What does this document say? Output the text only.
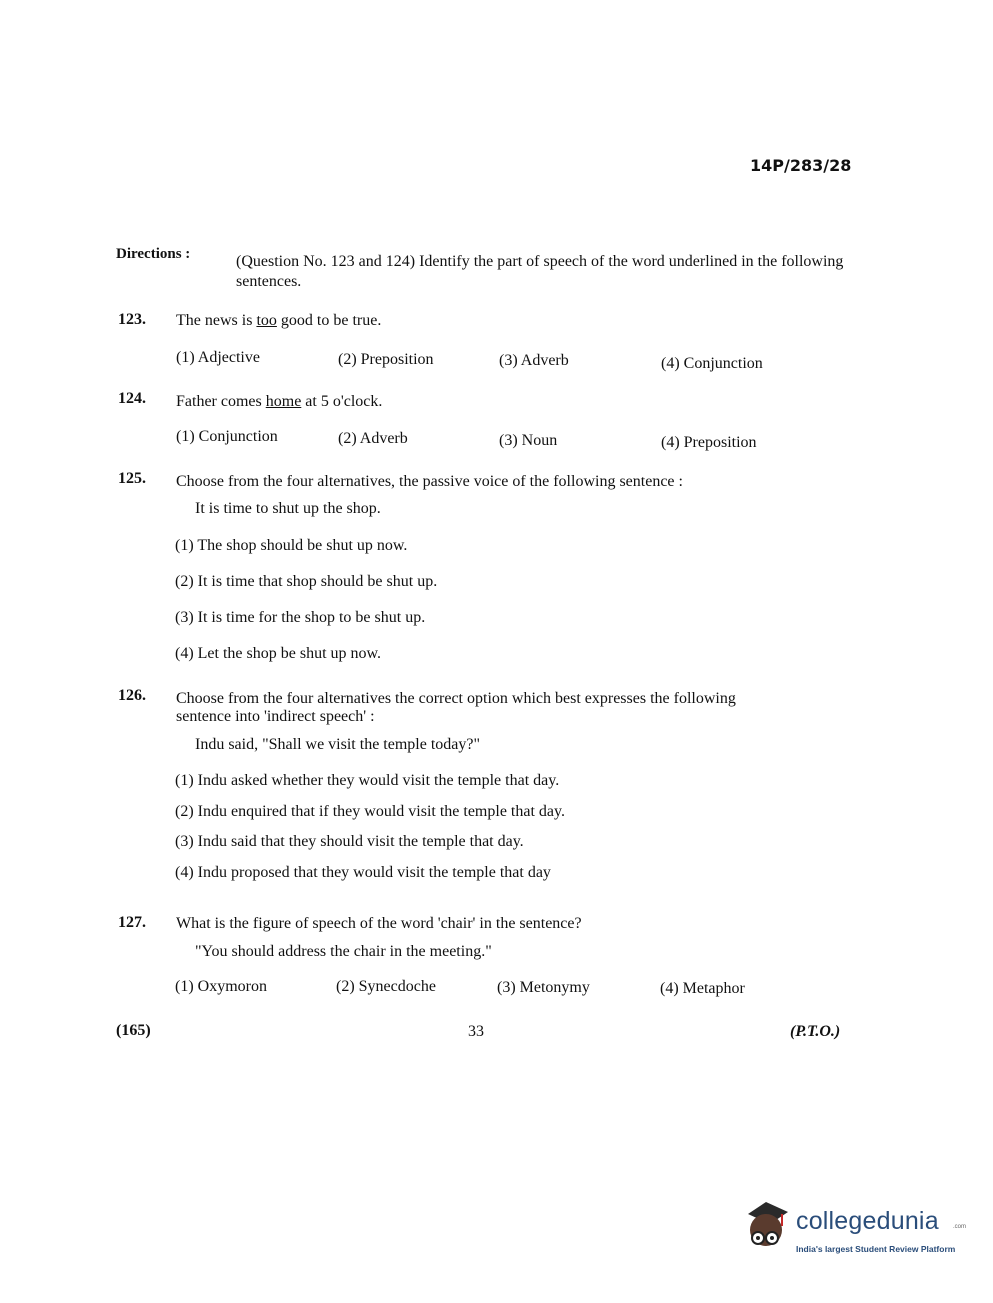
14P/283/28
Directions :	(Question No. 123 and 124) Identify the part of speech of the word underlined in the following sentences.
123. The news is too good to be true.
(1) Adjective	(2) Preposition	(3) Adverb	(4) Conjunction
124. Father comes home at 5 o'clock.
(1) Conjunction	(2) Adverb	(3) Noun	(4) Preposition
125. Choose from the four alternatives, the passive voice of the following sentence :
It is time to shut up the shop.
(1) The shop should be shut up now.
(2) It is time that shop should be shut up.
(3) It is time for the shop to be shut up.
(4) Let the shop be shut up now.
126. Choose from the four alternatives the correct option which best expresses the following
sentence into 'indirect speech' :
Indu said, "Shall we visit the temple today?"
(1) Indu asked whether they would visit the temple that day.
(2) Indu enquired that if they would visit the temple that day.
(3) Indu said that they should visit the temple that day.
(4) Indu proposed that they would visit the temple that day
127. What is the figure of speech of the word 'chair' in the sentence?
"You should address the chair in the meeting."
(1) Oxymoron	(2) Synecdoche	(3) Metonymy	(4) Metaphor
(165)	33	(P.T.O.)
collegedunia .com
India's largest Student Review Platform
